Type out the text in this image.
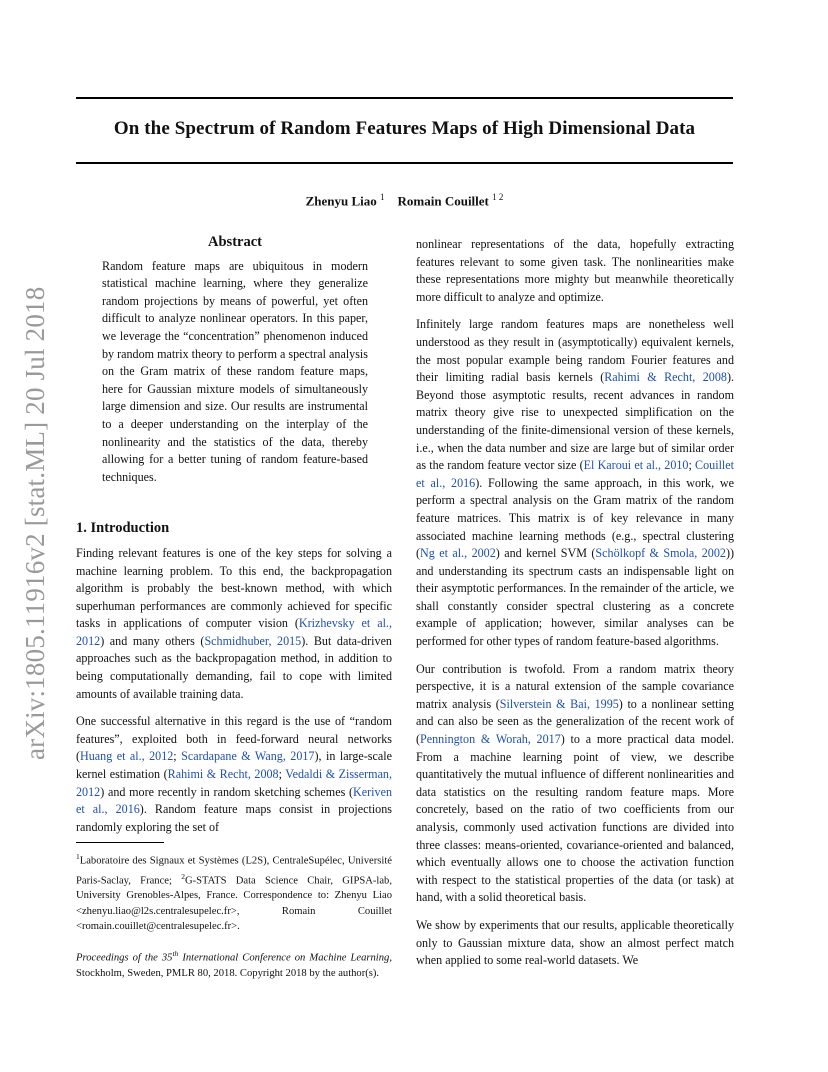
On the Spectrum of Random Features Maps of High Dimensional Data
Zhenyu Liao $^1$ Romain Couillet $^{1 2}$
arXiv:1805.11916v2 [stat.ML] 20 Jul 2018
Abstract

Random feature maps are ubiquitous in modern statistical machine learning, where they generalize random projections by means of powerful, yet often difficult to analyze nonlinear operators. In this paper, we leverage the “concentration” phenomenon induced by random matrix theory to perform a spectral analysis on the Gram matrix of these random feature maps, here for Gaussian mixture models of simultaneously large dimension and size. Our results are instrumental to a deeper understanding on the interplay of the nonlinearity and the statistics of the data, thereby allowing for a better tuning of random feature-based techniques.

1. Introduction

Finding relevant features is one of the key steps for solving a machine learning problem. To this end, the backpropagation algorithm is probably the best-known method, with which superhuman performances are commonly achieved for specific tasks in applications of computer vision (Krizhevsky et al., 2012) and many others (Schmidhuber, 2015). But data-driven approaches such as the backpropagation method, in addition to being computationally demanding, fail to cope with limited amounts of available training data.

One successful alternative in this regard is the use of “random features”, exploited both in feed-forward neural networks (Huang et al., 2012; Scardapane & Wang, 2017), in large-scale kernel estimation (Rahimi & Recht, 2008; Vedaldi & Zisserman, 2012) and more recently in random sketching schemes (Keriven et al., 2016). Random feature maps consist in projections randomly exploring the set of

$^1$Laboratoire des Signaux et Systèmes (L2S), CentraleSupélec, Université Paris-Saclay, France; $^2$G-STATS Data Science Chair, GIPSA-lab, University Grenobles-Alpes, France. Correspondence to: Zhenyu Liao <zhenyu.liao@l2s.centralesupelec.fr>, Romain Couillet <romain.couillet@centralesupelec.fr>.

Proceedings of the 35th International Conference on Machine Learning, Stockholm, Sweden, PMLR 80, 2018. Copyright 2018 by the author(s).

nonlinear representations of the data, hopefully extracting features relevant to some given task. The nonlinearities make these representations more mighty but meanwhile theoretically more difficult to analyze and optimize.

Infinitely large random features maps are nonetheless well understood as they result in (asymptotically) equivalent kernels, the most popular example being random Fourier features and their limiting radial basis kernels (Rahimi & Recht, 2008). Beyond those asymptotic results, recent advances in random matrix theory give rise to unexpected simplification on the understanding of the finite-dimensional version of these kernels, i.e., when the data number and size are large but of similar order as the random feature vector size (El Karoui et al., 2010; Couillet et al., 2016). Following the same approach, in this work, we perform a spectral analysis on the Gram matrix of the random feature matrices. This matrix is of key relevance in many associated machine learning methods (e.g., spectral clustering (Ng et al., 2002) and kernel SVM (Schölkopf & Smola, 2002)) and understanding its spectrum casts an indispensable light on their asymptotic performances. In the remainder of the article, we shall constantly consider spectral clustering as a concrete example of application; however, similar analyses can be performed for other types of random feature-based algorithms.

Our contribution is twofold. From a random matrix theory perspective, it is a natural extension of the sample covariance matrix analysis (Silverstein & Bai, 1995) to a nonlinear setting and can also be seen as the generalization of the recent work of (Pennington & Worah, 2017) to a more practical data model. From a machine learning point of view, we describe quantitatively the mutual influence of different nonlinearities and data statistics on the resulting random feature maps. More concretely, based on the ratio of two coefficients from our analysis, commonly used activation functions are divided into three classes: means-oriented, covariance-oriented and balanced, which eventually allows one to choose the activation function with respect to the statistical properties of the data (or task) at hand, with a solid theoretical basis.

We show by experiments that our results, applicable theoretically only to Gaussian mixture data, show an almost perfect match when applied to some real-world datasets. We
